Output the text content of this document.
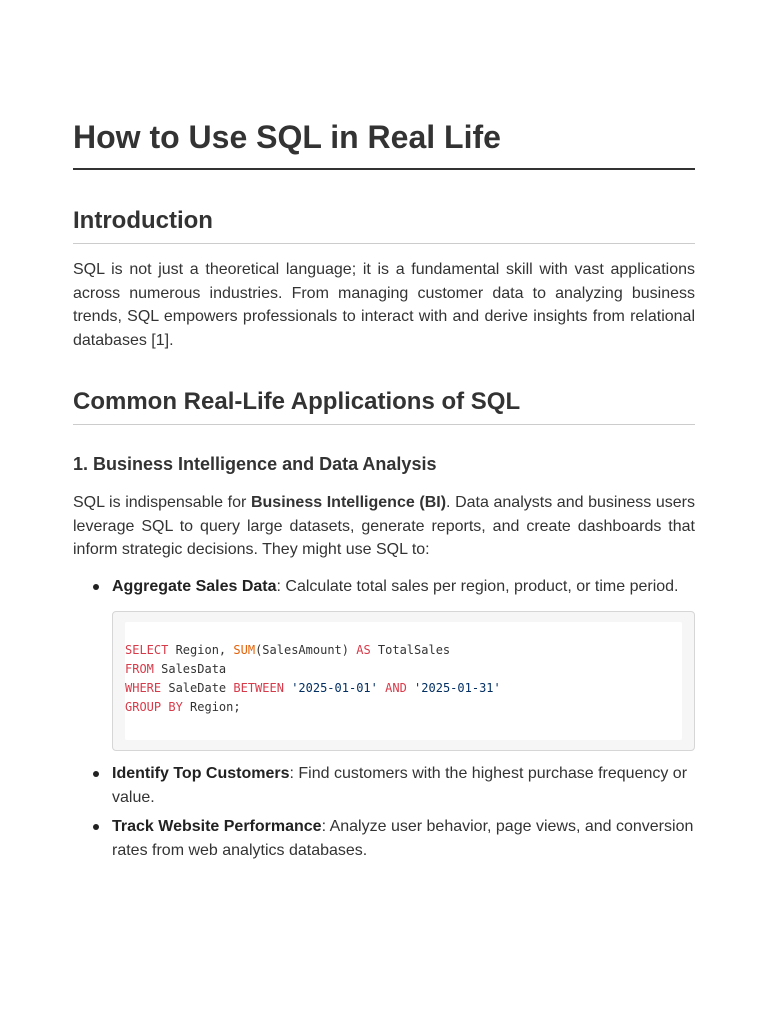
How to Use SQL in Real Life
Introduction

SQL is not just a theoretical language; it is a fundamental skill with vast applications across numerous industries. From managing customer data to analyzing business trends, SQL empowers professionals to interact with and derive insights from relational databases [1].

Common Real-Life Applications of SQL
1. Business Intelligence and Data Analysis

SQL is indispensable for Business Intelligence (BI). Data analysts and business users leverage SQL to query large datasets, generate reports, and create dashboards that inform strategic decisions. They might use SQL to:

Aggregate Sales Data: Calculate total sales per region, product, or time period.
Identify Top Customers: Find customers with the highest purchase frequency or value.
Track Website Performance: Analyze user behavior, page views, and conversion rates from web analytics databases.
SELECT Region, SUM(SalesAmount) AS TotalSales
FROM SalesData
WHERE SaleDate BETWEEN '2025-01-01' AND '2025-01-31'
GROUP BY Region;
